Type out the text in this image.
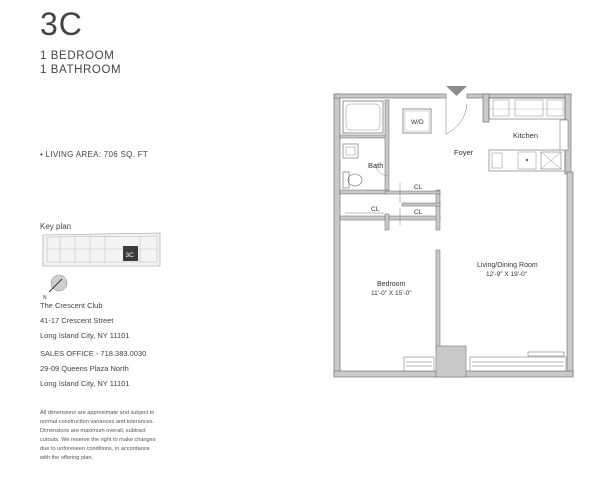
3C
1 BEDROOM
1 BATHROOM
• LIVING AREA: 706 SQ. FT
Key plan
The Crescent Club
41-17 Crescent Street
Long Island City, NY 11101
SALES OFFICE - 718.383.0030
29-09 Queens Plaza North
Long Island City, NY 11101
All dimensions are approximate and subject to
normal construction variances and tolerances.
Dimensions are maximum overall, subtract
cutouts. We reserve the right to make changes
due to unforeseen conditions, in accordance
with the offering plan.
3C
N
W/D
Kitchen
Foyer
Bath
CL
CL	CL
Living/Dining Room
12'-9" X 19'-0"
Bedroom
11'-0" X 15'-0"
